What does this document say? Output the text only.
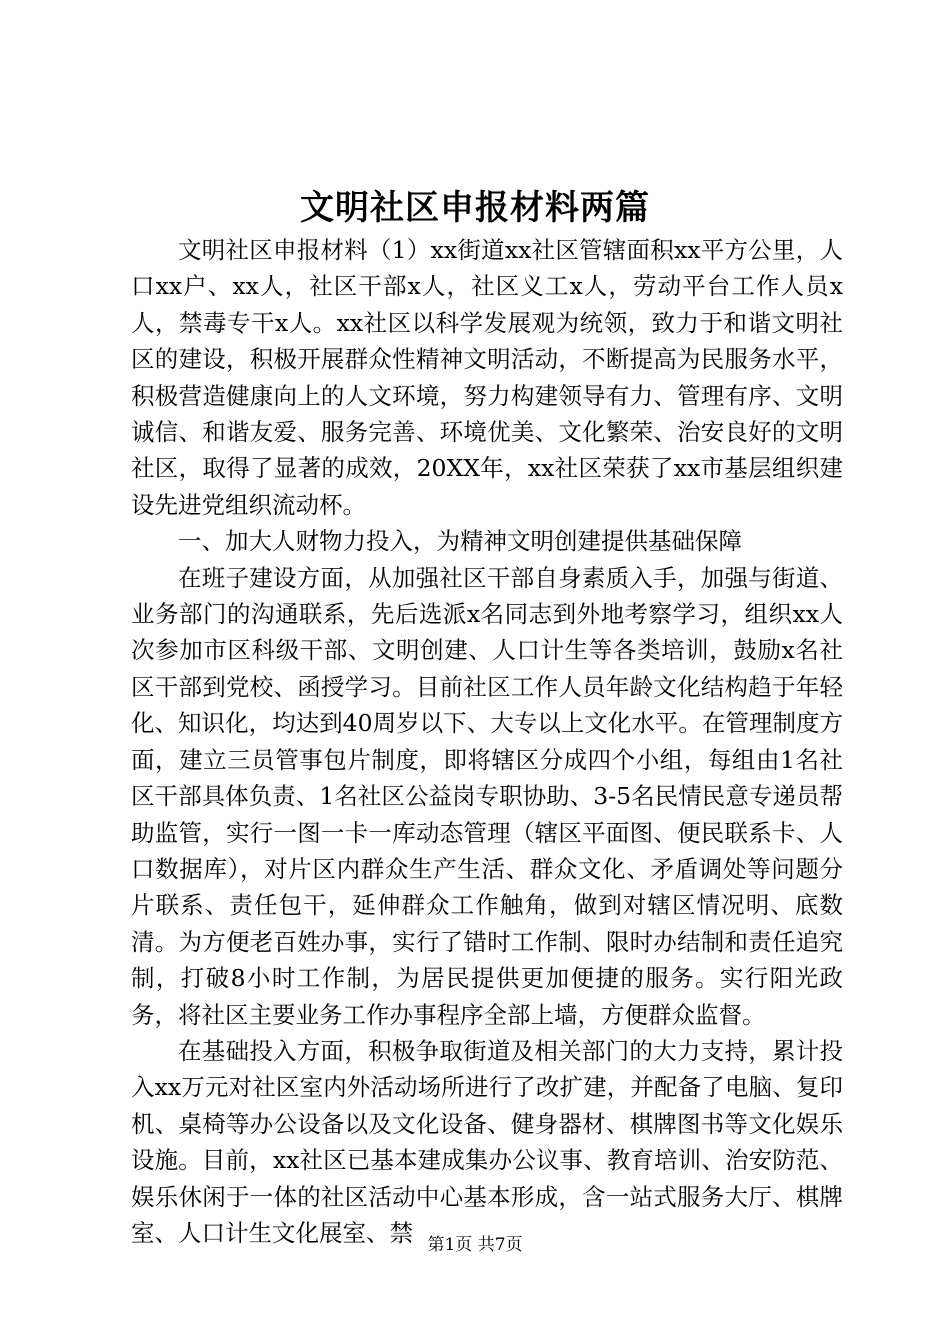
文明社区申报材料两篇

文明社区申报材料（1）xx街道xx社区管辖面积xx平方公里，人口xx户、xx人，社区干部x人，社区义工x人，劳动平台工作人员x人，禁毒专干x人。xx社区以科学发展观为统领，致力于和谐文明社区的建设，积极开展群众性精神文明活动，不断提高为民服务水平，积极营造健康向上的人文环境，努力构建领导有力、管理有序、文明诚信、和谐友爱、服务完善、环境优美、文化繁荣、治安良好的文明社区，取得了显著的成效，20XX年，xx社区荣获了xx市基层组织建设先进党组织流动杯。

一、加大人财物力投入，为精神文明创建提供基础保障

在班子建设方面，从加强社区干部自身素质入手，加强与街道、业务部门的沟通联系，先后选派x名同志到外地考察学习，组织xx人次参加市区科级干部、文明创建、人口计生等各类培训，鼓励x名社区干部到党校、函授学习。目前社区工作人员年龄文化结构趋于年轻化、知识化，均达到40周岁以下、大专以上文化水平。在管理制度方面，建立三员管事包片制度，即将辖区分成四个小组，每组由1名社区干部具体负责、1名社区公益岗专职协助、3-5名民情民意专递员帮助监管，实行一图一卡一库动态管理（辖区平面图、便民联系卡、人口数据库），对片区内群众生产生活、群众文化、矛盾调处等问题分片联系、责任包干，延伸群众工作触角，做到对辖区情况明、底数清。为方便老百姓办事，实行了错时工作制、限时办结制和责任追究制，打破8小时工作制，为居民提供更加便捷的服务。实行阳光政务，将社区主要业务工作办事程序全部上墙，方便群众监督。

在基础投入方面，积极争取街道及相关部门的大力支持，累计投入xx万元对社区室内外活动场所进行了改扩建，并配备了电脑、复印机、桌椅等办公设备以及文化设备、健身器材、棋牌图书等文化娱乐设施。目前，xx社区已基本建成集办公议事、教育培训、治安防范、娱乐休闲于一体的社区活动中心基本形成，含一站式服务大厅、棋牌室、人口计生文化展室、禁 第1页 共7页
